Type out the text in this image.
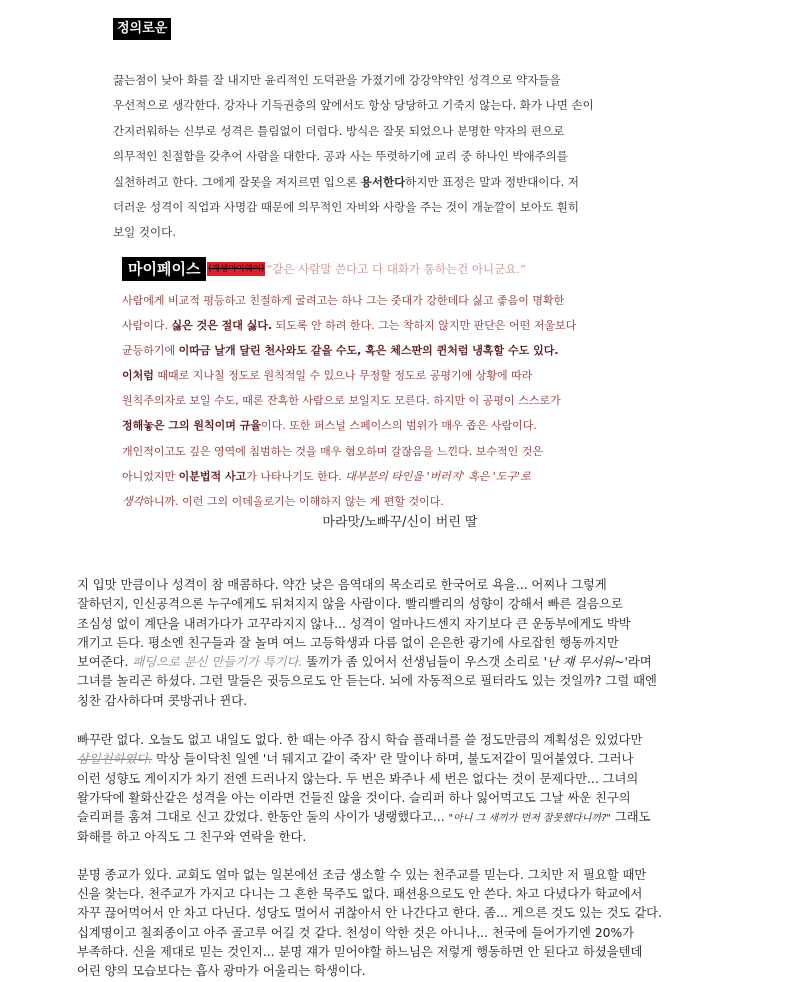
정의로운
끓는점이 낮아 화를 잘 내지만 윤리적인 도덕관을 가졌기에 강강약약인 성격으로 약자들을
우선적으로 생각한다. 강자나 기득권층의 앞에서도 항상 당당하고 기죽지 않는다. 화가 나면 손이
간지러워하는 신부로 성격은 틀림없이 더럽다. 방식은 잘못 되었으나 분명한 약자의 편으로
의무적인 친절함을 갖추어 사람을 대한다. 공과 사는 뚜렷하기에 교리 중 하나인 박애주의를
실천하려고 한다. 그에게 잘못을 저지르면 입으론 용서한다하지만 표정은 말과 정반대이다. 저
더러운 성격이 직업과 사명감 때문에 의무적인 자비와 사랑을 주는 것이 개눈깔이 보아도 훤히
보일 것이다.
마이페이스 (재생마이웨이) “같은 사람말 쓴다고 다 대화가 통하는건 아니군요.”
사람에게 비교적 평등하고 친절하게 굴려고는 하나 그는 줏대가 강한데다 싫고 좋음이 명확한
사람이다. 싫은 것은 절대 싫다. 되도록 안 하려 한다. 그는 착하지 않지만 판단은 어떤 저울보다
균등하기에 이따금 날개 달린 천사와도 같을 수도, 혹은 체스판의 퀸처럼 냉혹할 수도 있다.
이처럼 때때로 지나칠 정도로 원칙적일 수 있으나 무정할 정도로 공평기에 상황에 따라
원칙주의자로 보일 수도, 때론 잔혹한 사람으로 보일지도 모른다. 하지만 이 공평이 스스로가
정해놓은 그의 원칙이며 규율이다. 또한 퍼스널 스페이스의 범위가 매우 좁은 사람이다.
개인적이고도 깊은 영역에 침범하는 것을 매우 혐오하며 갈잖음을 느낀다. 보수적인 것은
아니었지만 이분법적 사고가 나타나기도 한다. 대부분의 타인을 '버러지' 혹은 '도구'로
생각하니까. 이런 그의 이데올로기는 이해하지 않는 게 편할 것이다.
마라맛/노빠꾸/신이 버린 딸
지 입맛 만큼이나 성격이 참 매콤하다. 약간 낮은 음역대의 목소리로 한국어로 욕을... 어찌나 그렇게
잘하던지, 인신공격으론 누구에게도 뒤쳐지지 않을 사람이다. 빨리빨리의 성향이 강해서 빠른 걸음으로
조심성 없이 계단을 내려가다가 고꾸라지지 않나... 성격이 얼마나드센지 자기보다 큰 운동부에게도 박박
개기고 든다. 평소엔 친구들과 잘 놀며 여느 고등학생과 다름 없이 은은한 광기에 사로잡힌 행동까지만
보여준다. 패딩으로 분신 만들기가 특기다. 똘끼가 좀 있어서 선생님들이 우스갯 소리로 '난 쟤 무서워~'라며
그녀를 놀리곤 하셨다. 그런 말들은 귓등으로도 안 듣는다. 뇌에 자동적으로 필터라도 있는 것일까? 그럴 때엔
칭찬 감사하다며 콧방귀나 뀐다.
빠꾸란 없다. 오늘도 없고 내일도 없다. 한 때는 아주 잠시 학습 플래너를 쓸 정도만큼의 계획성은 있었다만
삼일천하였다. 막상 들이닥친 일엔 '너 뒈지고 같이 죽자' 란 말이나 하며, 불도저같이 밀어붙였다. 그러나
이런 성향도 게이지가 차기 전엔 드러나지 않는다. 두 번은 봐주나 세 번은 없다는 것이 문제다만... 그녀의
왈가닥에 활화산같은 성격을 아는 이라면 건들진 않을 것이다. 슬리퍼 하나 잃어먹고도 그날 싸운 친구의
슬리퍼를 훔쳐 그대로 신고 갔었다. 한동안 둘의 사이가 냉랭했다고... "아니 그 새끼가 먼저 잘못했다니까?" 그래도
화해를 하고 아직도 그 친구와 연락을 한다.
분명 종교가 있다. 교회도 얼마 없는 일본에선 조금 생소할 수 있는 천주교를 믿는다. 그치만 저 필요할 때만
신을 찾는다. 천주교가 가지고 다니는 그 흔한 묵주도 없다. 패션용으로도 안 쓴다. 차고 다녔다가 학교에서
자꾸 끊어먹어서 안 차고 다닌다. 성당도 멀어서 귀찮아서 안 나간다고 한다. 좀... 게으른 것도 있는 것도 같다.
십계명이고 칠죄종이고 아주 골고루 어길 것 같다. 천성이 악한 것은 아니나... 천국에 들어가기엔 20%가
부족하다. 신을 제대로 믿는 것인지... 분명 쟤가 믿어야할 하느님은 저렇게 행동하면 안 된다고 하셨을텐데
어린 양의 모습보다는 흡사 광마가 어울리는 학생이다.
